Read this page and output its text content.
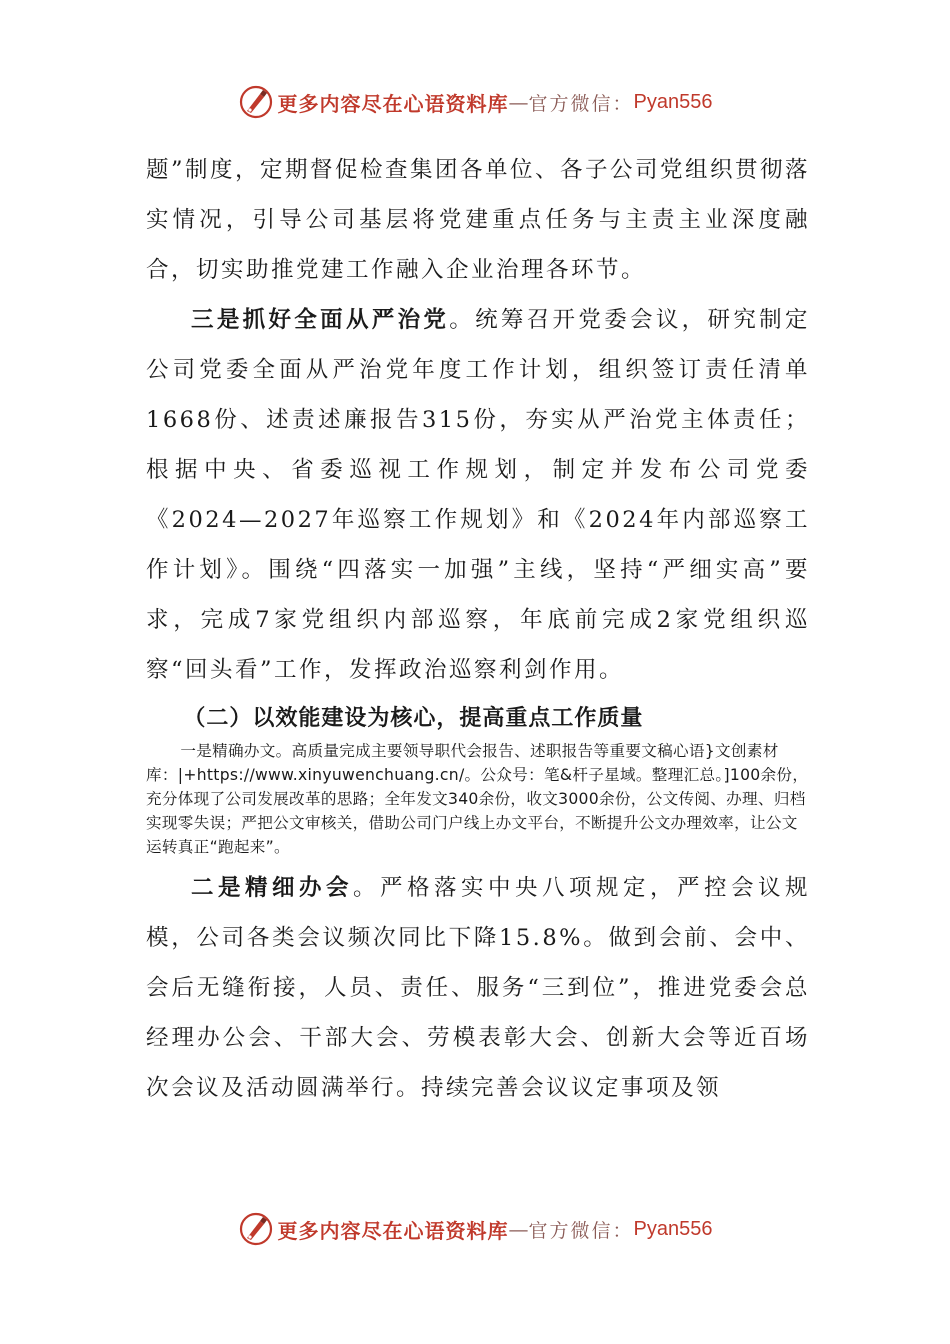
更多内容尽在心语资料库 — 官方微信： Pyan556

题”制度，定期督促检查集团各单位、各子公司党组织贯彻落实情况，引导公司基层将党建重点任务与主责主业深度融合，切实助推党建工作融入企业治理各环节。

三是抓好全面从严治党。统筹召开党委会议，研究制定公司党委全面从严治党年度工作计划，组织签订责任清单1668份、述责述廉报告315份，夯实从严治党主体责任；根据中央、省委巡视工作规划，制定并发布公司党委《2024—2027年巡察工作规划》和《2024年内部巡察工作计划》。围绕“四落实一加强”主线，坚持“严细实高”要求，完成7家党组织内部巡察，年底前完成2家党组织巡察“回头看”工作，发挥政治巡察利剑作用。

（二）以效能建设为核心，提高重点工作质量

一是精确办文。高质量完成主要领导职代会报告、述职报告等重要文稿心语}文创素材库：|+https://www.xinyuwenchuang.cn/。公众号：笔&杆子星域。整理汇总。]100余份，充分体现了公司发展改革的思路；全年发文340余份，收文3000余份，公文传阅、办理、归档实现零失误；严把公文审核关，借助公司门户线上办文平台，不断提升公文办理效率，让公文运转真正“跑起来”。

二是精细办会。严格落实中央八项规定，严控会议规模，公司各类会议频次同比下降15.8%。做到会前、会中、会后无缝衔接，人员、责任、服务“三到位”，推进党委会总经理办公会、干部大会、劳模表彰大会、创新大会等近百场次会议及活动圆满举行。持续完善会议议定事项及领

更多内容尽在心语资料库 — 官方微信： Pyan556
